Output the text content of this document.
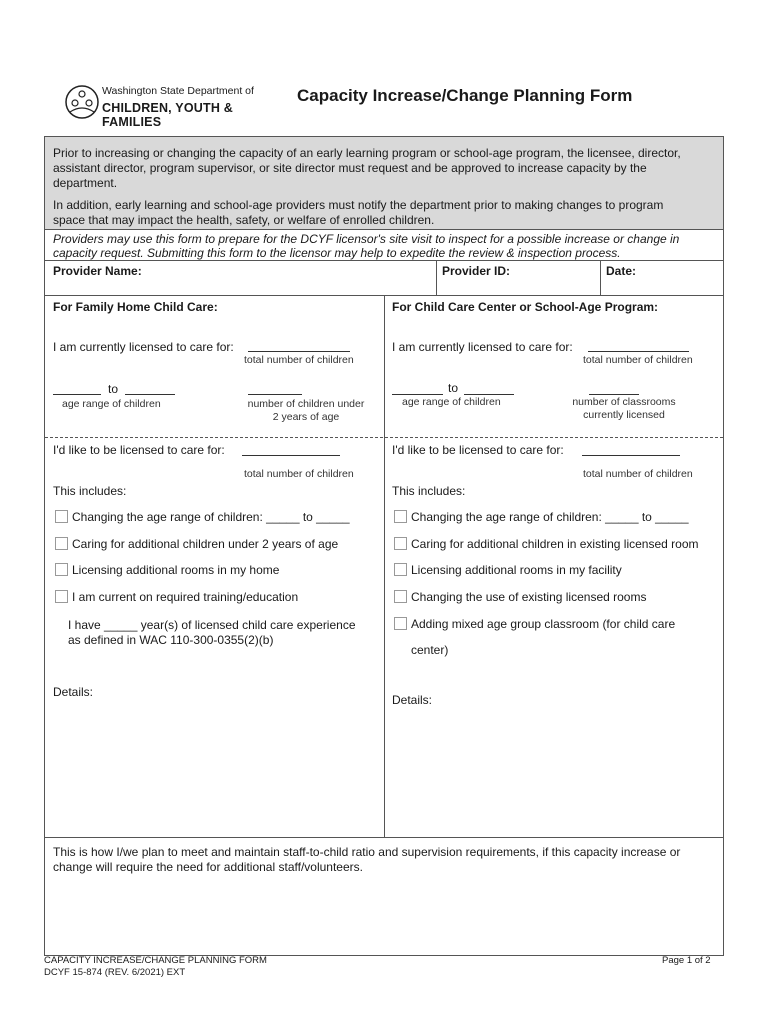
Washington State Department of
CHILDREN, YOUTH & FAMILIES
Capacity Increase/Change Planning Form
Prior to increasing or changing the capacity of an early learning program or school-age program, the licensee, director,
assistant director, program supervisor, or site director must request and be approved to increase capacity by the
department.
In addition, early learning and school-age providers must notify the department prior to making changes to program
space that may impact the health, safety, or welfare of enrolled children.
Providers may use this form to prepare for the DCYF licensor's site visit to inspect for a possible increase or change in
capacity request. Submitting this form to the licensor may help to expedite the review & inspection process.
Provider Name:	Provider ID:	Date:
For Family Home Child Care:	For Child Care Center or School-Age Program:
I am currently licensed to care for:
total number of children
to
age range of children	number of children under
2 years of age
I am currently licensed to care for:
total number of children
to
age range of children	number of classrooms
currently licensed
I'd like to be licensed to care for:
total number of children
This includes:
Changing the age range of children: _____ to _____
Caring for additional children under 2 years of age
Licensing additional rooms in my home
I am current on required training/education
I have _____ year(s) of licensed child care experience
as defined in WAC 110-300-0355(2)(b)
Details:
I'd like to be licensed to care for:
total number of children
This includes:
Changing the age range of children: _____ to _____
Caring for additional children in existing licensed room
Licensing additional rooms in my facility
Changing the use of existing licensed rooms
Adding mixed age group classroom (for child care
center)
Details:
This is how I/we plan to meet and maintain staff-to-child ratio and supervision requirements, if this capacity increase or
change will require the need for additional staff/volunteers.
CAPACITY INCREASE/CHANGE PLANNING FORM
DCYF 15-874 (REV. 6/2021) EXT
Page 1 of 2
